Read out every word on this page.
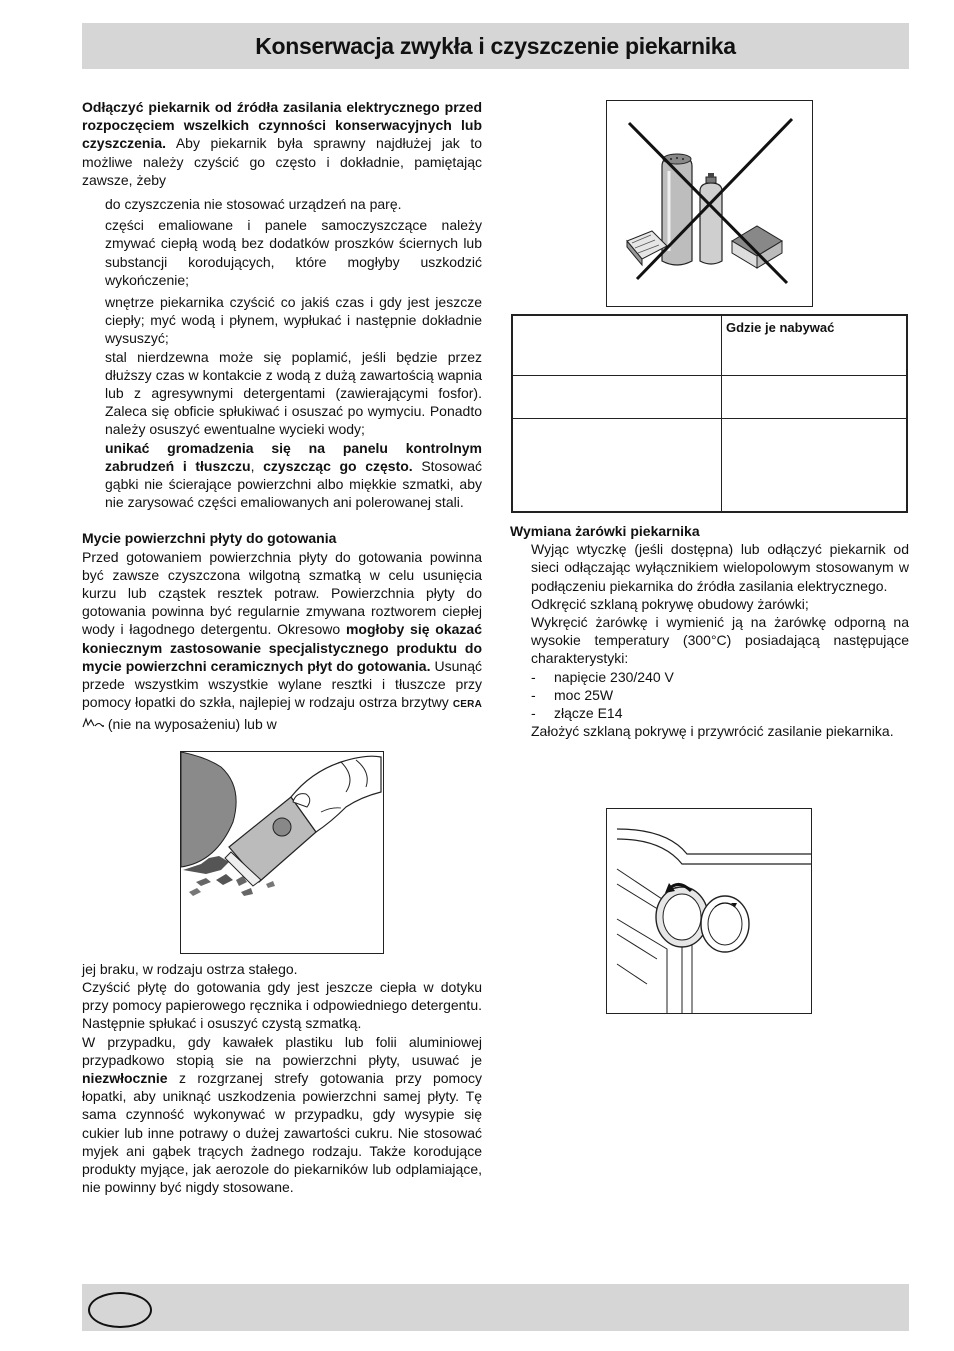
Konserwacja zwykła i czyszczenie piekarnika

Odłączyć piekarnik od źródła zasilania elektrycznego przed rozpoczęciem wszelkich czynności konserwacyjnych lub czyszczenia. Aby piekarnik była sprawny najdłużej jak to możliwe należy czyścić go często i dokładnie, pamiętając zawsze, żeby

do czyszczenia nie stosować urządzeń na parę.

części emaliowane i panele samoczyszczące należy zmywać ciepłą wodą bez dodatków proszków ściernych lub substancji korodujących, które mogłyby uszkodzić wykończenie;

wnętrze piekarnika czyścić co jakiś czas i gdy jest jeszcze ciepły; myć wodą i płynem, wypłukać i następnie dokładnie wysuszyć;

stal nierdzewna może się poplamić, jeśli będzie przez dłuższy czas w kontakcie z wodą z dużą zawartością wapnia lub z agresywnymi detergentami (zawierającymi fosfor). Zaleca się obficie spłukiwać i osuszać po wymyciu. Ponadto należy osuszyć ewentualne wycieki wody;

unikać gromadzenia się na panelu kontrolnym zabrudzeń i tłuszczu, czyszcząc go często. Stosować gąbki nie ścierające powierzchni albo miękkie szmatki, aby nie zarysować części emaliowanych ani polerowanej stali.

Mycie powierzchni płyty do gotowania

Przed gotowaniem powierzchnia płyty do gotowania powinna być zawsze czyszczona wilgotną szmatką w celu usunięcia kurzu lub cząstek resztek potraw. Powierzchnia płyty do gotowania powinna być regularnie zmywana roztworem ciepłej wody i łagodnego detergentu. Okresowo mogłoby się okazać koniecznym zastosowanie specjalistycznego produktu do mycie powierzchni ceramicznych płyt do gotowania. Usunąć przede wszystkim wszystkie wylane resztki i tłuszcze przy pomocy łopatki do szkła, najlepiej w rodzaju ostrza brzytwy CERA (nie na wyposażeniu) lub w

jej braku, w rodzaju ostrza stałego.

Czyścić płytę do gotowania gdy jest jeszcze ciepła w dotyku przy pomocy papierowego ręcznika i odpowiedniego detergentu. Następnie spłukać i osuszyć czystą szmatką.

W przypadku, gdy kawałek plastiku lub folii aluminiowej przypadkowo stopią sie na powierzchni płyty, usuwać je niezwłocznie z rozgrzanej strefy gotowania przy pomocy łopatki, aby uniknąć uszkodzenia powierzchni samej płyty. Tę sama czynność wykonywać w przypadku, gdy wysypie się cukier lub inne potrawy o dużej zawartości cukru. Nie stosować myjek ani gąbek trących żadnego rodzaju. Także korodujące produkty myjące, jak aerozole do piekarników lub odplamiające, nie powinny być nigdy stosowane.

	Gdzie je nabywać

Wymiana żarówki piekarnika

Wyjąc wtyczkę (jeśli dostępna) lub odłączyć piekarnik od sieci odłączając wyłącznikiem wielopolowym stosowanym w podłączeniu piekarnika do źródła zasilania elektrycznego.

Odkręcić szklaną pokrywę obudowy żarówki;

Wykręcić żarówkę i wymienić ją na żarówkę odporną na wysokie temperatury (300°C) posiadającą następujące charakterystyki:

-	napięcie 230/240 V
-	moc 25W
-	złącze E14

Założyć szklaną pokrywę i przywrócić zasilanie piekarnika.
